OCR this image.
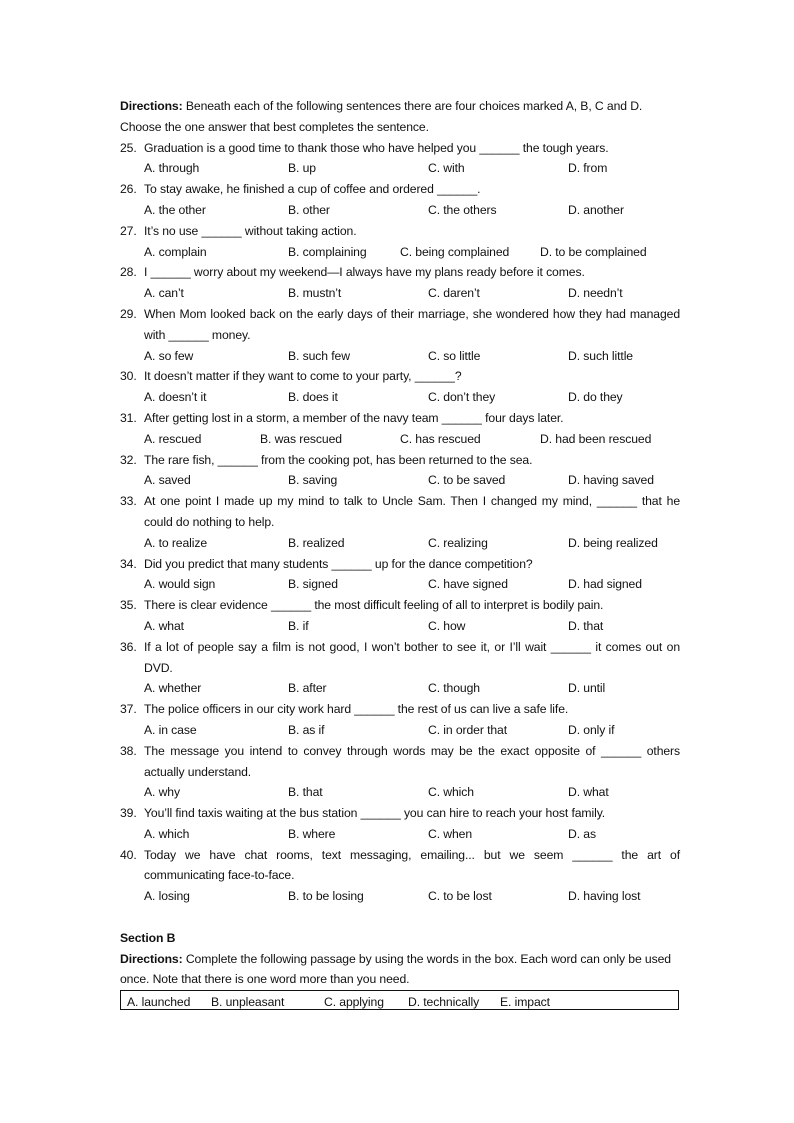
Directions: Beneath each of the following sentences there are four choices marked A, B, C and D. Choose the one answer that best completes the sentence.
25. Graduation is a good time to thank those who have helped you ______ the tough years.
A. through	B. up	C. with	D. from
26. To stay awake, he finished a cup of coffee and ordered ______.
A. the other	B. other	C. the others	D. another
27. It’s no use ______ without taking action.
A. complain	B. complaining	C. being complained	D. to be complained
28. I ______ worry about my weekend—I always have my plans ready before it comes.
A. can’t	B. mustn’t	C. daren’t	D. needn’t
29. When Mom looked back on the early days of their marriage, she wondered how they had managed with ______ money.
A. so few	B. such few	C. so little	D. such little
30. It doesn’t matter if they want to come to your party, ______?
A. doesn’t it	B. does it	C. don’t they	D. do they
31. After getting lost in a storm, a member of the navy team ______ four days later.
A. rescued	B. was rescued	C. has rescued	D. had been rescued
32. The rare fish, ______ from the cooking pot, has been returned to the sea.
A. saved	B. saving	C. to be saved	D. having saved
33. At one point I made up my mind to talk to Uncle Sam. Then I changed my mind, ______ that he could do nothing to help.
A. to realize	B. realized	C. realizing	D. being realized
34. Did you predict that many students ______ up for the dance competition?
A. would sign	B. signed	C. have signed	D. had signed
35. There is clear evidence ______ the most difficult feeling of all to interpret is bodily pain.
A. what	B. if	C. how	D. that
36. If a lot of people say a film is not good, I won’t bother to see it, or I’ll wait ______ it comes out on DVD.
A. whether	B. after	C. though	D. until
37. The police officers in our city work hard ______ the rest of us can live a safe life.
A. in case	B. as if	C. in order that	D. only if
38. The message you intend to convey through words may be the exact opposite of ______ others actually understand.
A. why	B. that	C. which	D. what
39. You’ll find taxis waiting at the bus station ______ you can hire to reach your host family.
A. which	B. where	C. when	D. as
40. Today we have chat rooms, text messaging, emailing... but we seem ______ the art of communicating face-to-face.
A. losing	B. to be losing	C. to be lost	D. having lost
Section B
Directions: Complete the following passage by using the words in the box. Each word can only be used once. Note that there is one word more than you need.
A. launched B. unpleasant	C. applying D. technically E. impact
